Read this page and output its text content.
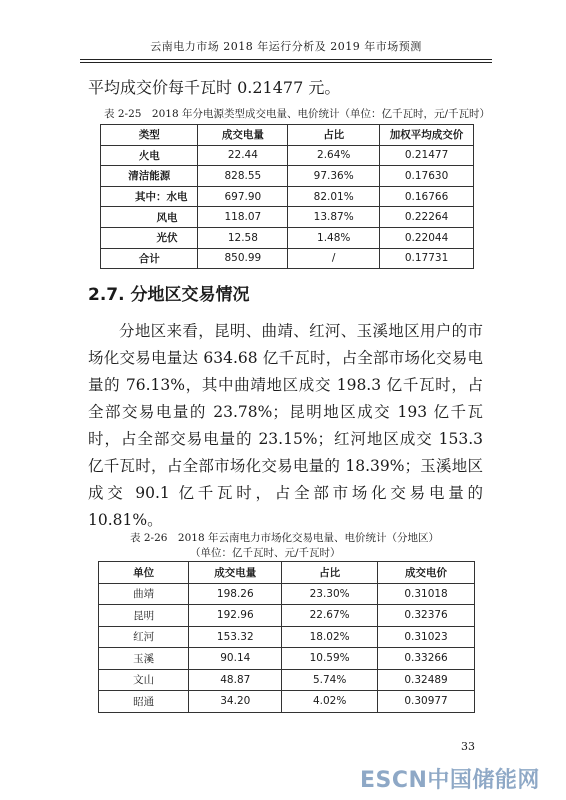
云南电力市场 2018 年运行分析及 2019 年市场预测
平均成交价每千瓦时 0.21477 元。
表 2-25　2018 年分电源类型成交电量、电价统计（单位：亿千瓦时，元/千瓦时）
类型	成交电量	占比	加权平均成交价
火电	22.44	2.64%	0.21477
清洁能源	828.55	97.36%	0.17630
其中：水电	697.90	82.01%	0.16766
风电	118.07	13.87%	0.22264
光伏	12.58	1.48%	0.22044
合计	850.99	/	0.17731
2.7. 分地区交易情况

分地区来看，昆明、曲靖、红河、玉溪地区用户的市场化交易电量达 634.68 亿千瓦时，占全部市场化交易电量的 76.13%，其中曲靖地区成交 198.3 亿千瓦时，占全部交易电量的 23.78%；昆明地区成交 193 亿千瓦时，占全部交易电量的 23.15%；红河地区成交 153.3 亿千瓦时，占全部市场化交易电量的 18.39%；玉溪地区成交 90.1 亿千瓦时，占全部市场化交易电量的 10.81%。

表 2-26　2018 年云南电力市场化交易电量、电价统计（分地区）
（单位：亿千瓦时、元/千瓦时）
单位	成交电量	占比	成交电价
曲靖	198.26	23.30%	0.31018
昆明	192.96	22.67%	0.32376
红河	153.32	18.02%	0.31023
玉溪	90.14	10.59%	0.33266
文山	48.87	5.74%	0.32489
昭通	34.20	4.02%	0.30977
33
ESCN中国储能网
